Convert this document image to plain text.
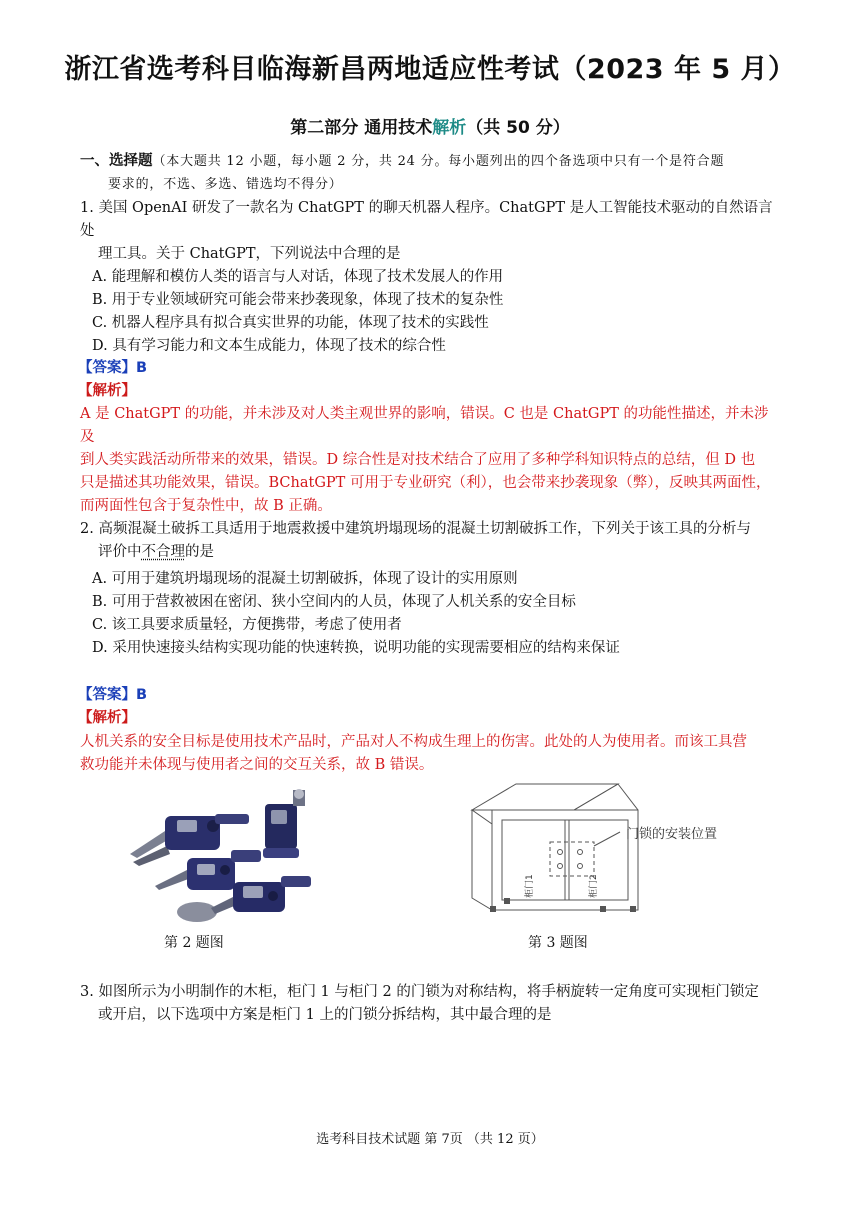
浙江省选考科目临海新昌两地适应性考试（2023 年 5 月）
第二部分 通用技术解析（共 50 分）
一、选择题（本大题共 12 小题，每小题 2 分，共 24 分。每小题列出的四个备选项中只有一个是符合题
要求的，不选、多选、错选均不得分）
1. 美国 OpenAI 研发了一款名为 ChatGPT 的聊天机器人程序。ChatGPT 是人工智能技术驱动的自然语言处
理工具。关于 ChatGPT，下列说法中合理的是
A. 能理解和模仿人类的语言与人对话，体现了技术发展人的作用
B. 用于专业领域研究可能会带来抄袭现象，体现了技术的复杂性
C. 机器人程序具有拟合真实世界的功能，体现了技术的实践性
D. 具有学习能力和文本生成能力，体现了技术的综合性
【答案】B
【解析】
A 是 ChatGPT 的功能，并未涉及对人类主观世界的影响，错误。C 也是 ChatGPT 的功能性描述，并未涉及
到人类实践活动所带来的效果，错误。D 综合性是对技术结合了应用了多种学科知识特点的总结，但 D 也
只是描述其功能效果，错误。BChatGPT 可用于专业研究（利），也会带来抄袭现象（弊），反映其两面性，
而两面性包含于复杂性中，故 B 正确。
2. 高频混凝土破拆工具适用于地震救援中建筑坍塌现场的混凝土切割破拆工作，下列关于该工具的分析与
评价中不合理的是
A. 可用于建筑坍塌现场的混凝土切割破拆，体现了设计的实用原则
B. 可用于营救被困在密闭、狭小空间内的人员，体现了人机关系的安全目标
C. 该工具要求质量轻，方便携带，考虑了使用者
D. 采用快速接头结构实现功能的快速转换，说明功能的实现需要相应的结构来保证
【答案】B
【解析】
人机关系的安全目标是使用技术产品时，产品对人不构成生理上的伤害。此处的人为使用者。而该工具营
救功能并未体现与使用者之间的交互关系，故 B 错误。
第 2 题图
门锁的安装位置
柜门1	柜门2
第 3 题图
3. 如图所示为小明制作的木柜，柜门 1 与柜门 2 的门锁为对称结构，将手柄旋转一定角度可实现柜门锁定
或开启，以下选项中方案是柜门 1 上的门锁分拆结构，其中最合理的是
选考科目技术试题 第 7页 （共 12 页）
